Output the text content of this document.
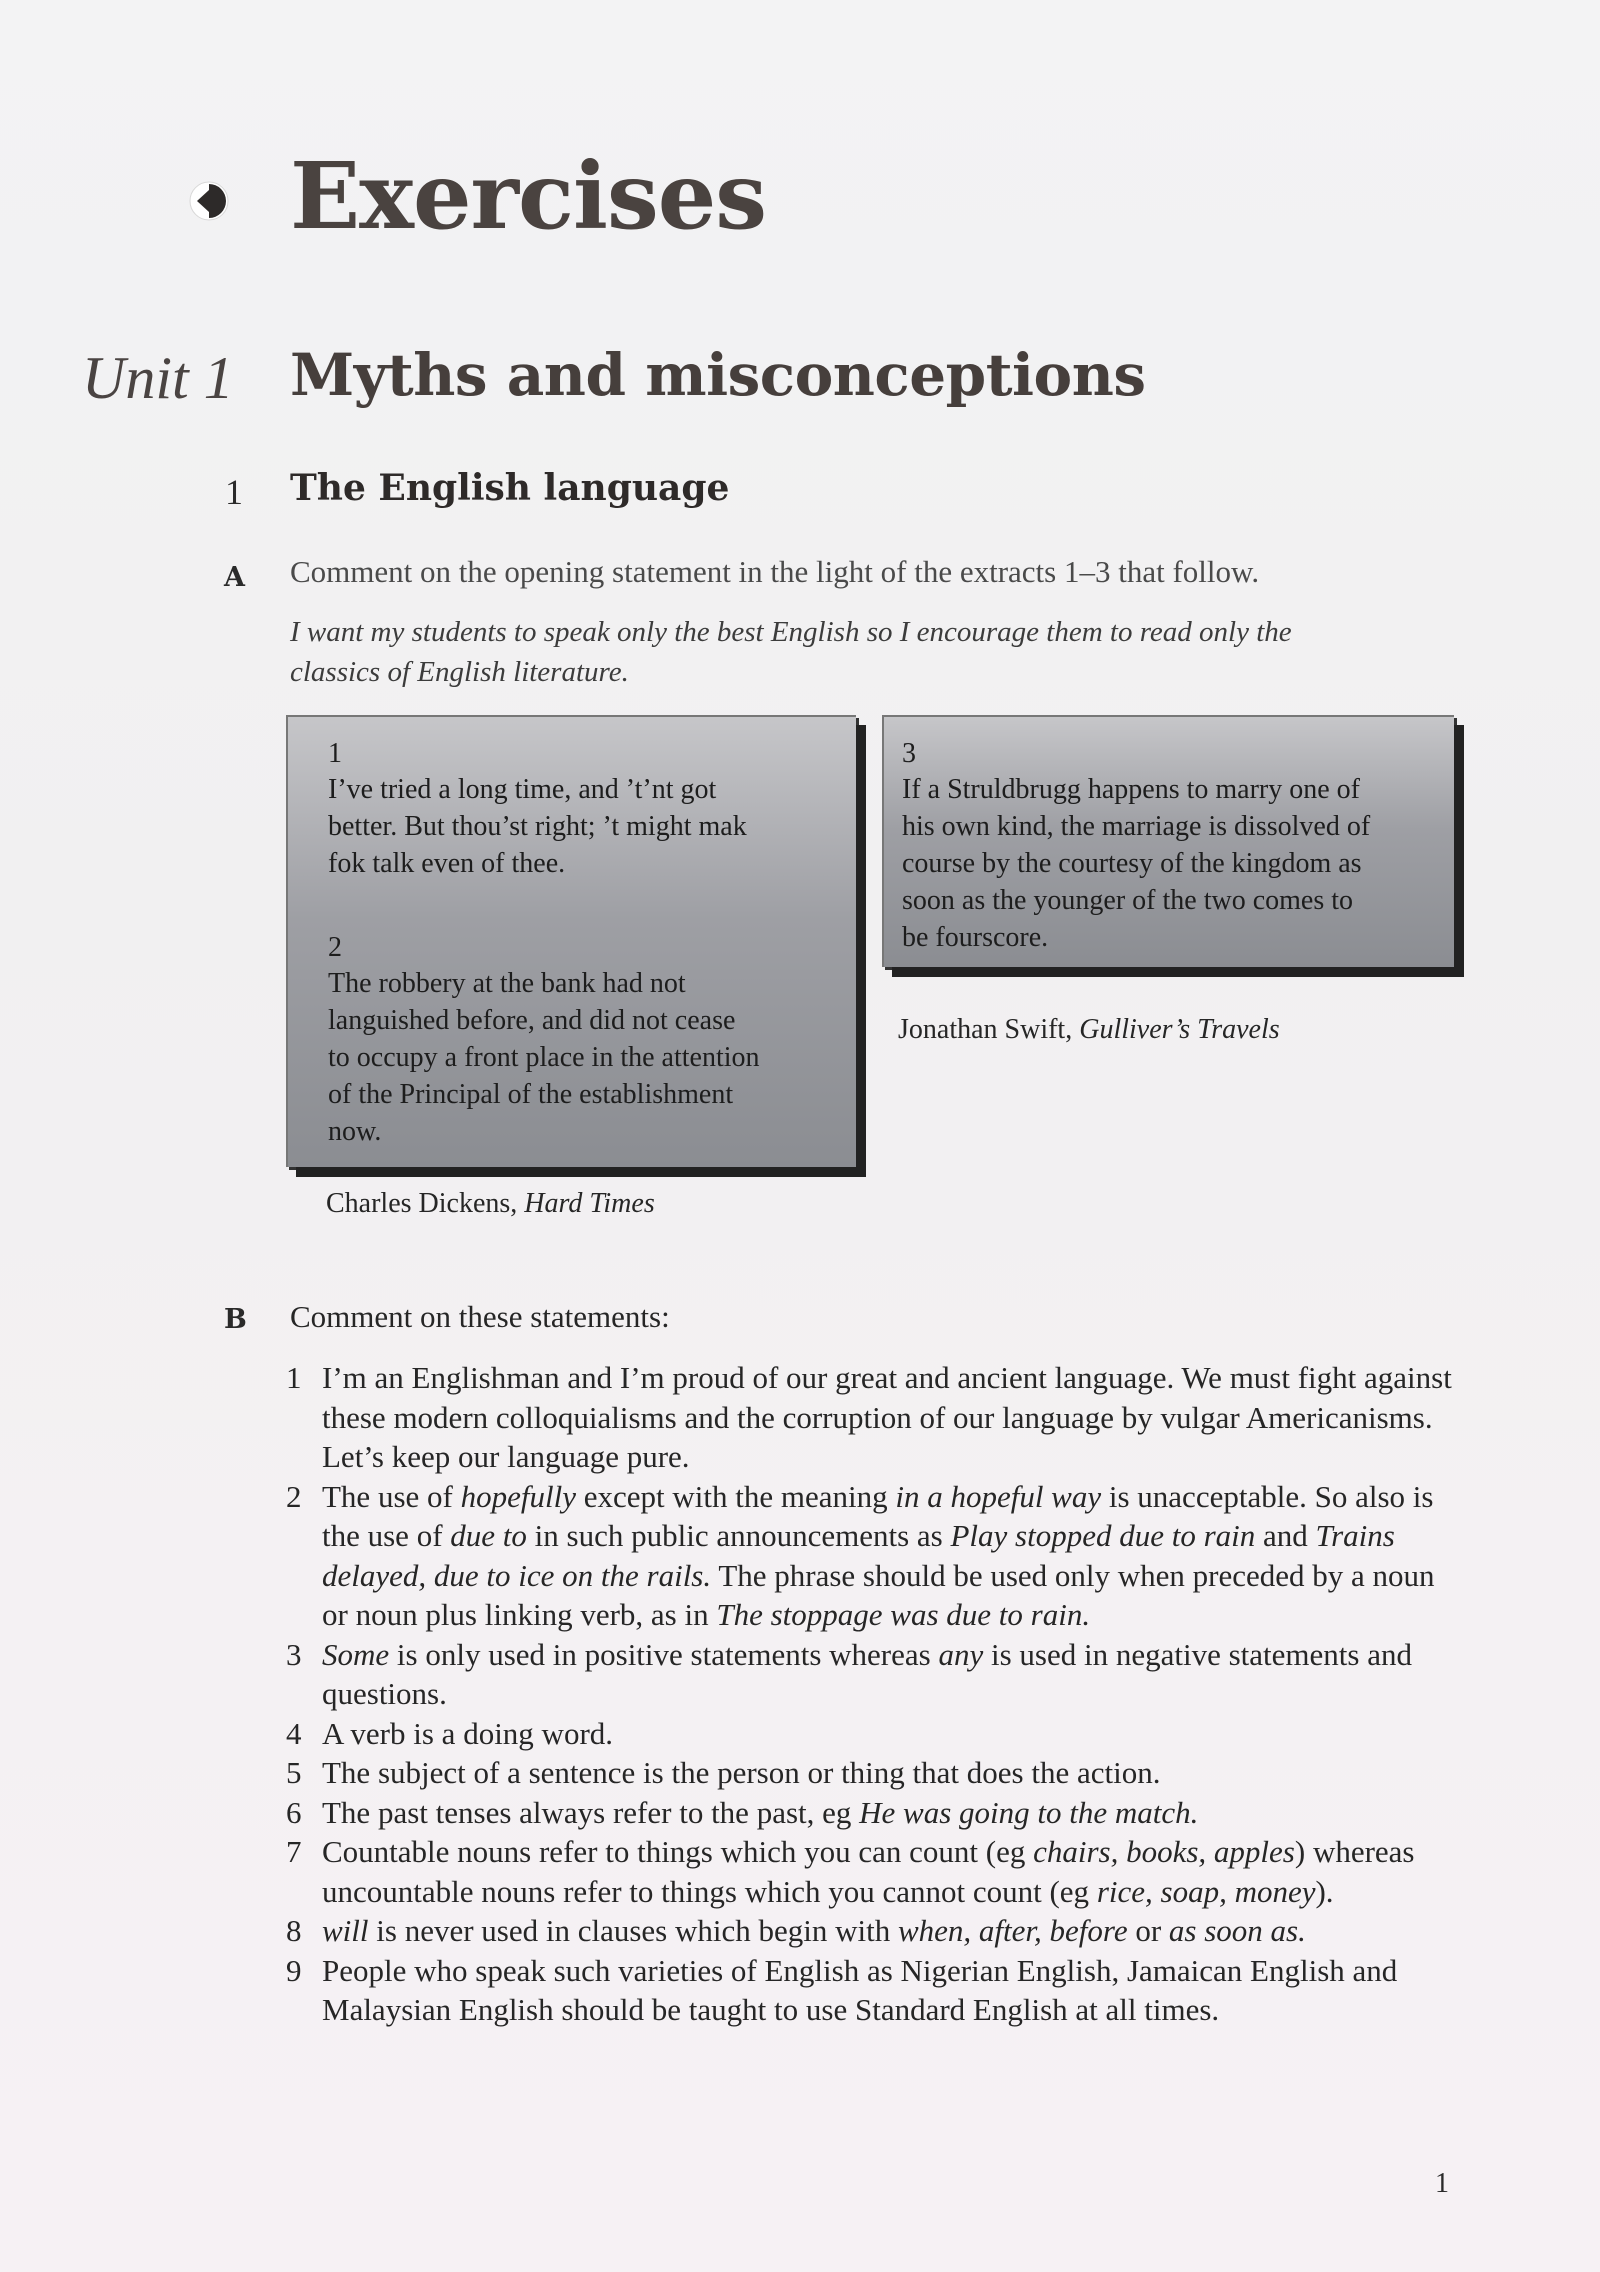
Exercises
Unit 1 Myths and misconceptions
1 The English language
A Comment on the opening statement in the light of the extracts 1–3 that follow.
I want my students to speak only the best English so I encourage them to read only the
classics of English literature.
1
I’ve tried a long time, and ’t’nt got
better. But thou’st right; ’t might mak
fok talk even of thee.
2
The robbery at the bank had not
languished before, and did not cease
to occupy a front place in the attention
of the Principal of the establishment
now.
Charles Dickens, Hard Times
3
If a Struldbrugg happens to marry one of
his own kind, the marriage is dissolved of
course by the courtesy of the kingdom as
soon as the younger of the two comes to
be fourscore.
Jonathan Swift, Gulliver’s Travels
B Comment on these statements:
1 I’m an Englishman and I’m proud of our great and ancient language. We must fight against these modern colloquialisms and the corruption of our language by vulgar Americanisms. Let’s keep our language pure.
2 The use of hopefully except with the meaning in a hopeful way is unacceptable. So also is the use of due to in such public announcements as Play stopped due to rain and Trains delayed, due to ice on the rails. The phrase should be used only when preceded by a noun or noun plus linking verb, as in The stoppage was due to rain.
3 Some is only used in positive statements whereas any is used in negative statements and questions.
4 A verb is a doing word.
5 The subject of a sentence is the person or thing that does the action.
6 The past tenses always refer to the past, eg He was going to the match.
7 Countable nouns refer to things which you can count (eg chairs, books, apples) whereas uncountable nouns refer to things which you cannot count (eg rice, soap, money).
8 will is never used in clauses which begin with when, after, before or as soon as.
9 People who speak such varieties of English as Nigerian English, Jamaican English and Malaysian English should be taught to use Standard English at all times.
1
